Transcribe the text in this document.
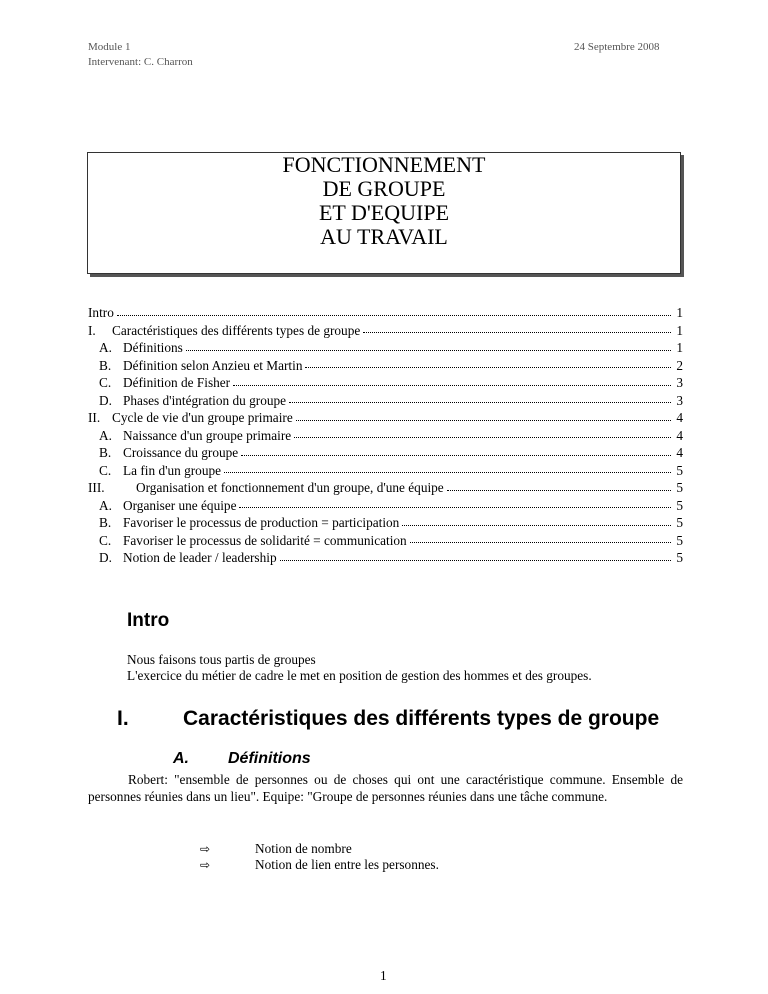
Module 1
Intervenant: C. Charron
24 Septembre 2008
FONCTIONNEMENT
DE GROUPE
ET D'EQUIPE
AU TRAVAIL
Intro	1
I.	Caractéristiques des différents types de groupe	1
A. Définitions	1
B. Définition selon Anzieu et Martin	2
C. Définition de Fisher	3
D. Phases d'intégration du groupe	3
II. Cycle de vie d'un groupe primaire	4
A. Naissance d'un groupe primaire	4
B. Croissance du groupe	4
C. La fin d'un groupe	5
III.	Organisation et fonctionnement d'un groupe, d'une équipe	5
A. Organiser une équipe	5
B. Favoriser le processus de production = participation	5
C. Favoriser le processus de solidarité = communication	5
D. Notion de leader / leadership	5
Intro
Nous faisons tous partis de groupes
L'exercice du métier de cadre le met en position de gestion des hommes et des groupes.
I.	Caractéristiques des différents types de groupe
A. Définitions
Robert: "ensemble de personnes ou de choses qui ont une caractéristique commune. Ensemble de personnes réunies dans un lieu". Equipe: "Groupe de personnes réunies dans une tâche commune.
⇨	Notion de nombre
⇨	Notion de lien entre les personnes.
1
